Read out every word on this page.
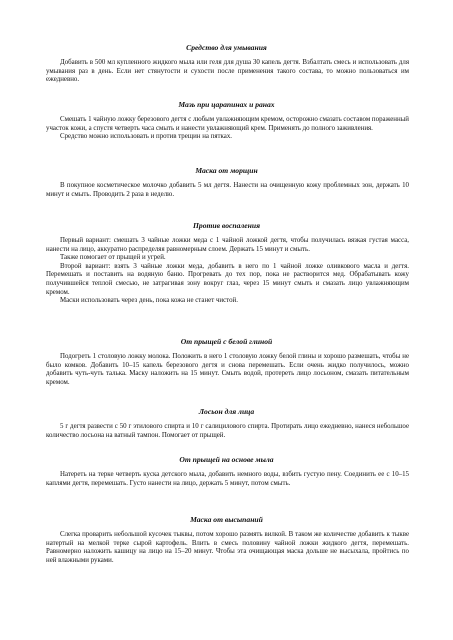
Средство для умывания

Добавить в 500 мл купленного жидкого мыла или геля для душа 30 капель дегтя. Взбалтать смесь и использовать для умывания раз в день. Если нет стянутости и сухости после применения такого состава, то можно пользоваться им ежедневно.

Мазь при царапинах и ранах

Смешать 1 чайную ложку березового дегтя с любым увлажняющим кремом, осторожно смазать составом пораженный участок кожи, а спустя четверть часа смыть и нанести увлажняющий крем. Применять до полного заживления.

Средство можно использовать и против трещин на пятках.

Маска от морщин

В покупное косметическое молочко добавить 5 мл дегтя. Нанести на очищенную кожу проблемных зон, держать 10 минут и смыть. Проводить 2 раза в неделю.

Против воспаления

Первый вариант: смешать 3 чайные ложки меда с 1 чайной ложкой дегтя, чтобы получилась вязкая густая масса, нанести на лицо, аккуратно распределяя равномерным слоем. Держать 15 минут и смыть.

Также помогает от прыщей и угрей.

Второй вариант: взять 3 чайные ложки меда, добавить в него по 1 чайной ложке оливкового масла и дегтя. Перемешать и поставить на водяную баню. Прогревать до тех пор, пока не растворится мед. Обрабатывать кожу получившейся теплой смесью, не затрагивая зону вокруг глаз, через 15 минут смыть и смазать лицо увлажняющим кремом.

Маски использовать через день, пока кожа не станет чистой.

От прыщей с белой глиной

Подогреть 1 столовую ложку молока. Положить в него 1 столовую ложку белой глины и хорошо размешать, чтобы не было комков. Добавить 10–15 капель березового дегтя и снова перемешать. Если очень жидко получилось, можно добавить чуть-чуть талька. Маску наложить на 15 минут. Смыть водой, протереть лицо лосьоном, смазать питательным кремом.

Лосьон для лица

5 г дегтя развести с 50 г этилового спирта и 10 г салицилового спирта. Протирать лицо ежедневно, нанеся небольшое количество лосьона на ватный тампон. Помогает от прыщей.

От прыщей на основе мыла

Натереть на терке четверть куска детского мыла, добавить немного воды, взбить густую пену. Соединить ее с 10–15 каплями дегтя, перемешать. Густо нанести на лицо, держать 5 минут, потом смыть.

Маска от высыпаний

Слегка проварить небольшой кусочек тыквы, потом хорошо размять вилкой. В таком же количестве добавить к тыкве натертый на мелкой терке сырой картофель. Влить в смесь половину чайной ложки жидкого дегтя, перемешать. Равномерно наложить кашицу на лицо на 15–20 минут. Чтобы эта очищающая маска дольше не высыхала, пройтись по ней влажными руками.
